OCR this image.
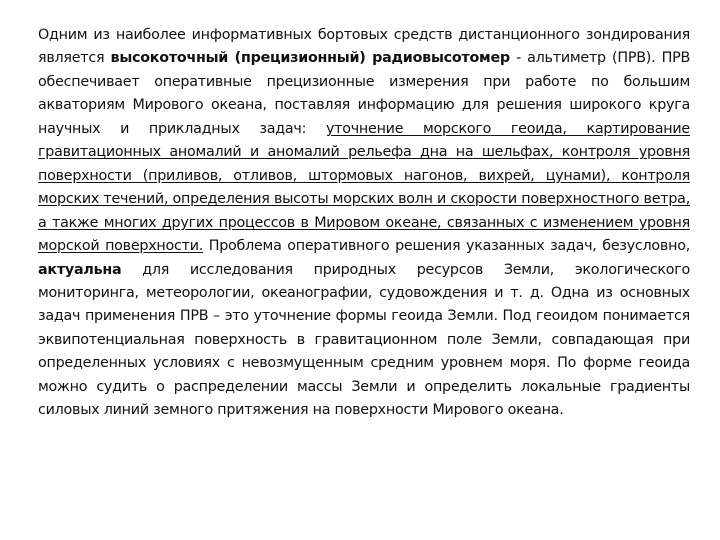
Одним из наиболее информативных бортовых средств дистанционного зондирования является высокоточный (прецизионный) радиовысотомер - альтиметр (ПРВ). ПРВ обеспечивает оперативные прецизионные измерения при работе по большим акваториям Мирового океана, поставляя информацию для решения широкого круга научных и прикладных задач: уточнение морского геоида, картирование гравитационных аномалий и аномалий рельефа дна на шельфах, контроля уровня поверхности (приливов, отливов, штормовых нагонов, вихрей, цунами), контроля морских течений, определения высоты морских волн и скорости поверхностного ветра, а также многих других процессов в Мировом океане, связанных с изменением уровня морской поверхности. Проблема оперативного решения указанных задач, безусловно, актуальна для исследования природных ресурсов Земли, экологического мониторинга, метеорологии, океанографии, судовождения и т. д. Одна из основных задач применения ПРВ – это уточнение формы геоида Земли. Под геоидом понимается эквипотенциальная поверхность в гравитационном поле Земли, совпадающая при определенных условиях с невозмущенным средним уровнем моря. По форме геоида можно судить о распределении массы Земли и определить локальные градиенты силовых линий земного притяжения на поверхности Мирового океана.
